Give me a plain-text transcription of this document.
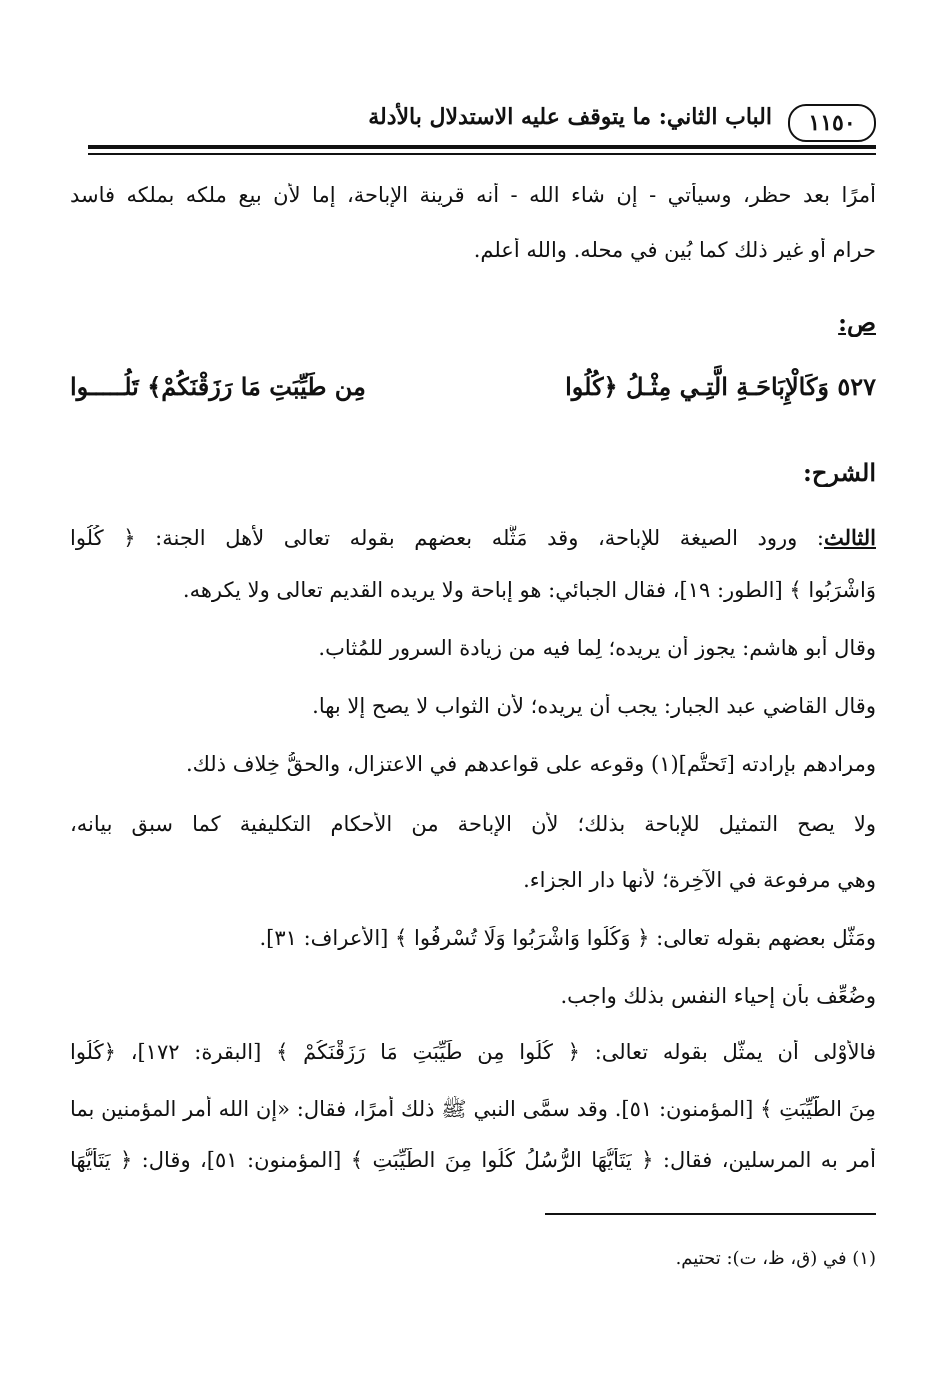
١١٥٠
الباب الثاني: ما يتوقف عليه الاستدلال بالأدلة
أمرًا بعد حظر، وسيأتي - إن شاء الله - أنه قرينة الإباحة، إما لأن بيع ملكه بملكه فاسد
حرام أو غير ذلك كما بُين في محله. والله أعلم.
ص:
٥٢٧ وَكَالْإِبَاحَـةِ الَّتِـي مِثْـلُ ﴿كُلُوا
مِن طَيِّبَتِ مَا رَزَقْنَكُمْ﴾ تَلُـــــوا
الشرح:
الثالث: ورود الصيغة للإباحة، وقد مَثَّله بعضهم بقوله تعالى لأهل الجنة: ﴿ كُلُوا
وَاشْرَبُوا ﴾ [الطور: ١٩]، فقال الجبائي: هو إباحة ولا يريده القديم تعالى ولا يكرهه.
وقال أبو هاشم: يجوز أن يريده؛ لِما فيه من زيادة السرور للمُثاب.
وقال القاضي عبد الجبار: يجب أن يريده؛ لأن الثواب لا يصح إلا بها.
ومرادهم بإرادته [تَحتُّم](١) وقوعه على قواعدهم في الاعتزال، والحقُّ خِلاف ذلك.
ولا يصح التمثيل للإباحة بذلك؛ لأن الإباحة من الأحكام التكليفية كما سبق بيانه،
وهي مرفوعة في الآخِرة؛ لأنها دار الجزاء.
ومَثَّل بعضهم بقوله تعالى: ﴿ وَكُلُوا وَاشْرَبُوا وَلَا تُسْرِفُوا ﴾ [الأعراف: ٣١].
وضُعِّف بأن إحياء النفس بذلك واجب.
فالأَوْلى أن يمثَّل بقوله تعالى: ﴿ كُلُوا مِن طَيِّبَتِ مَا رَزَقْنَكُمْ ﴾ [البقرة: ١٧٢]، ﴿كُلُوا
مِنَ الطَّيِّبَتِ ﴾ [المؤمنون: ٥١]. وقد سمَّى النبي ﷺ ذلك أمرًا، فقال: «إن الله أمر المؤمنين بما
أمر به المرسلين، فقال: ﴿ يَتَأَيُّهَا الرُّسُلُ كُلُوا مِنَ الطَّيِّبَتِ ﴾ [المؤمنون: ٥١]، وقال: ﴿ يَتَأَيُّهَا
(١) في (ق، ظ، ت): تحتيم.
